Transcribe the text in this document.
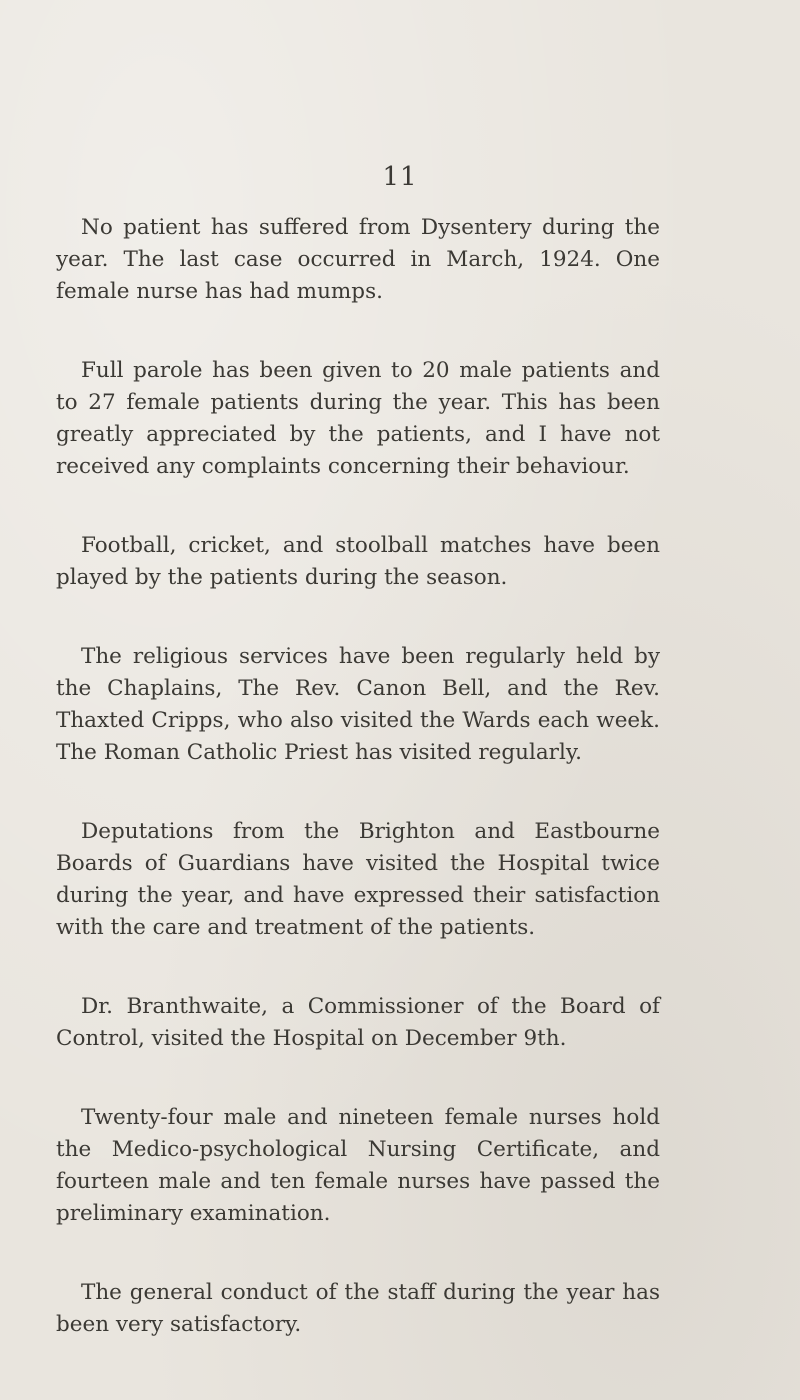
11

No patient has suffered from Dysentery during the year. The last case occurred in March, 1924. One female nurse has had mumps.

Full parole has been given to 20 male patients and to 27 female patients during the year. This has been greatly appreciated by the patients, and I have not received any complaints concerning their behaviour.

Football, cricket, and stoolball matches have been played by the patients during the season.

The religious services have been regularly held by the Chaplains, The Rev. Canon Bell, and the Rev. Thaxted Cripps, who also visited the Wards each week. The Roman Catholic Priest has visited regularly.

Deputations from the Brighton and Eastbourne Boards of Guardians have visited the Hospital twice during the year, and have expressed their satisfaction with the care and treatment of the patients.

Dr. Branthwaite, a Commissioner of the Board of Control, visited the Hospital on December 9th.

Twenty-four male and nineteen female nurses hold the Medico-psychological Nursing Certificate, and fourteen male and ten female nurses have passed the preliminary examination.

The general conduct of the staff during the year has been very satisfactory.
